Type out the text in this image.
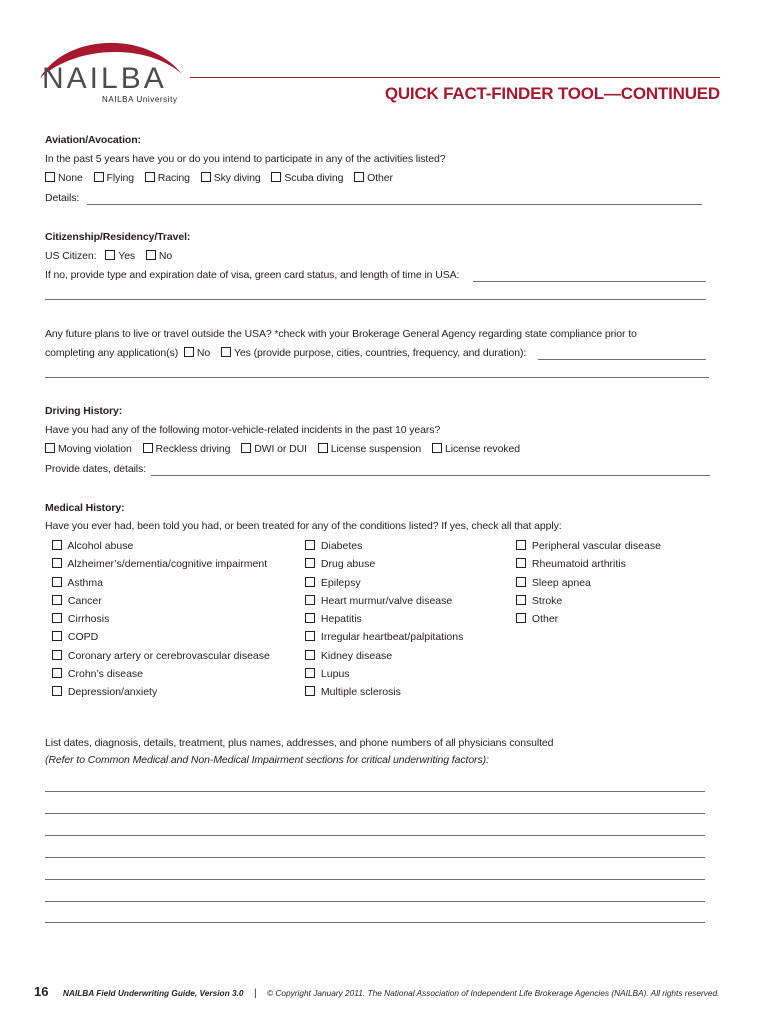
NAILBA
NAILBA University	QUICK FACT-FINDER TOOL—CONTINUED
Aviation/Avocation:
In the past 5 years have you or do you intend to participate in any of the activities listed?
None Flying Racing Sky diving Scuba diving Other
Details:
Citizenship/Residency/Travel:
US Citizen: Yes No
If no, provide type and expiration date of visa, green card status, and length of time in USA:
Any future plans to live or travel outside the USA? *check with your Brokerage General Agency regarding state compliance prior to
completing any application(s) No Yes (provide purpose, cities, countries, frequency, and duration):
Driving History:
Have you had any of the following motor-vehicle-related incidents in the past 10 years?
Moving violation Reckless driving DWI or DUI License suspension License revoked
Provide dates, details:
Medical History:
Have you ever had, been told you had, or been treated for any of the conditions listed? If yes, check all that apply:
Alcohol abuse
Alzheimer’s/dementia/cognitive impairment
Asthma
Cancer
Cirrhosis
COPD
Coronary artery or cerebrovascular disease
Crohn’s disease
Depression/anxiety
Diabetes
Drug abuse
Epilepsy
Heart murmur/valve disease
Hepatitis
Irregular heartbeat/palpitations
Kidney disease
Lupus
Multiple sclerosis
Peripheral vascular disease
Rheumatoid arthritis
Sleep apnea
Stroke
Other
List dates, diagnosis, details, treatment, plus names, addresses, and phone numbers of all physicians consulted
(Refer to Common Medical and Non-Medical Impairment sections for critical underwriting factors):
16 NAILBA Field Underwriting Guide, Version 3.0 | © Copyright January 2011. The National Association of Independent Life Brokerage Agencies (NAILBA). All rights reserved.
